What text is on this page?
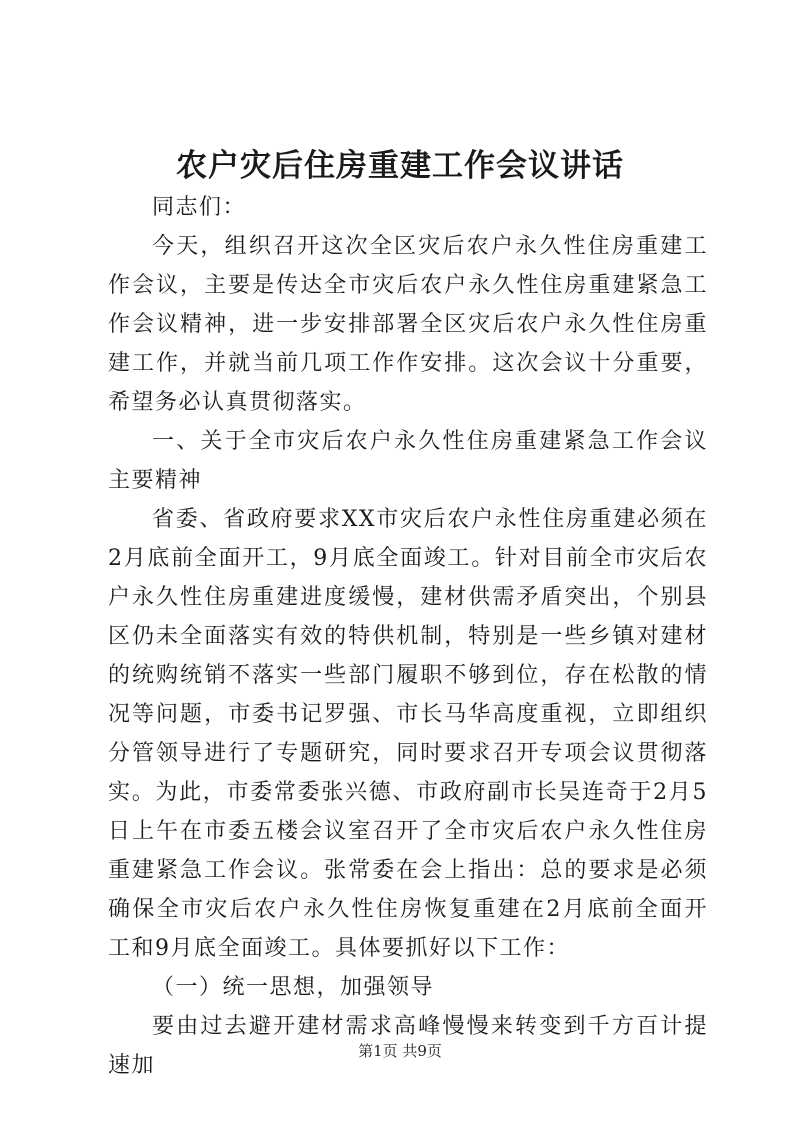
农户灾后住房重建工作会议讲话

同志们：

今天，组织召开这次全区灾后农户永久性住房重建工作会议，主要是传达全市灾后农户永久性住房重建紧急工作会议精神，进一步安排部署全区灾后农户永久性住房重建工作，并就当前几项工作作安排。这次会议十分重要，希望务必认真贯彻落实。

一、关于全市灾后农户永久性住房重建紧急工作会议主要精神

省委、省政府要求XX市灾后农户永性住房重建必须在2月底前全面开工，9月底全面竣工。针对目前全市灾后农户永久性住房重建进度缓慢，建材供需矛盾突出，个别县区仍未全面落实有效的特供机制，特别是一些乡镇对建材的统购统销不落实一些部门履职不够到位，存在松散的情况等问题，市委书记罗强、市长马华高度重视，立即组织分管领导进行了专题研究，同时要求召开专项会议贯彻落实。为此，市委常委张兴德、市政府副市长吴连奇于2月5日上午在市委五楼会议室召开了全市灾后农户永久性住房重建紧急工作会议。张常委在会上指出：总的要求是必须确保全市灾后农户永久性住房恢复重建在2月底前全面开工和9月底全面竣工。具体要抓好以下工作：

（一）统一思想，加强领导

要由过去避开建材需求高峰慢慢来转变到千方百计提速加

第1页 共9页
